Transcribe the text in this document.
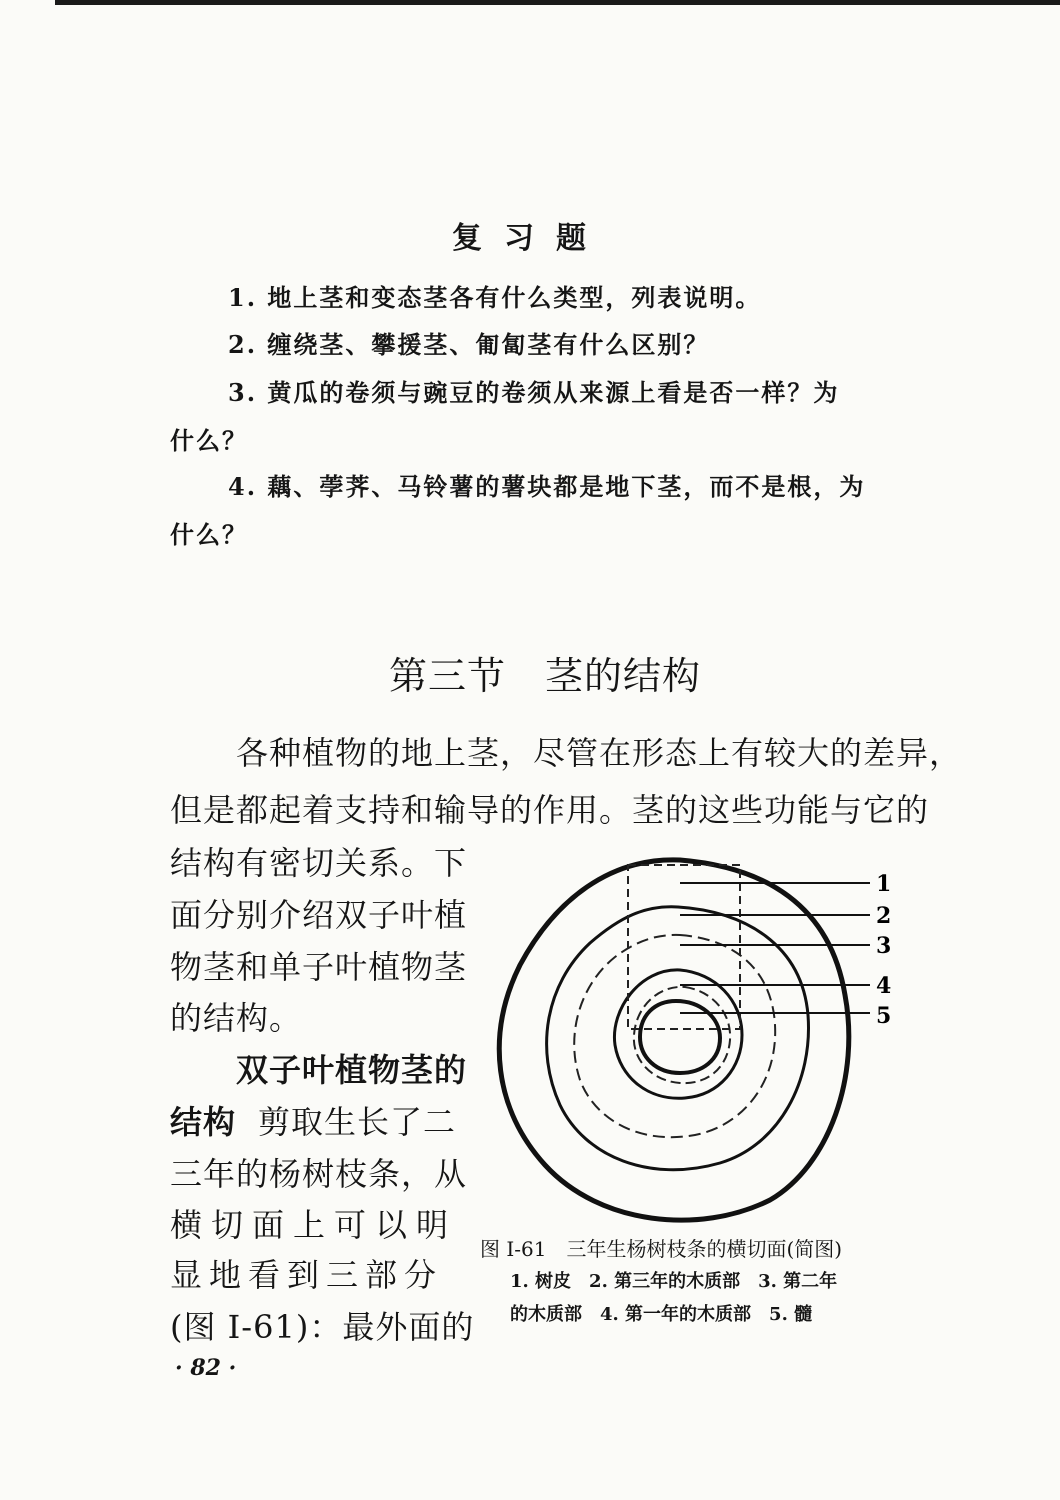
复习题
1. 地上茎和变态茎各有什么类型，列表说明。
2. 缠绕茎、攀援茎、匍匐茎有什么区别？
3. 黄瓜的卷须与豌豆的卷须从来源上看是否一样？为
什么？
4. 藕、荸荠、马铃薯的薯块都是地下茎，而不是根，为
什么？
第三节　茎的结构
各种植物的地上茎，尽管在形态上有较大的差异，
但是都起着支持和输导的作用。茎的这些功能与它的
结构有密切关系。下
面分别介绍双子叶植
物茎和单子叶植物茎
的结构。
双子叶植物茎的
结构 剪取生长了二
三年的杨树枝条，从
横切面上可以明
显地看到三部分
(图 I-61)：最外面的
1
2
3
4
5
图 I-61　三年生杨树枝条的横切面(简图)
1. 树皮　2. 第三年的木质部　3. 第二年
的木质部　4. 第一年的木质部　5. 髓
· 82 ·
